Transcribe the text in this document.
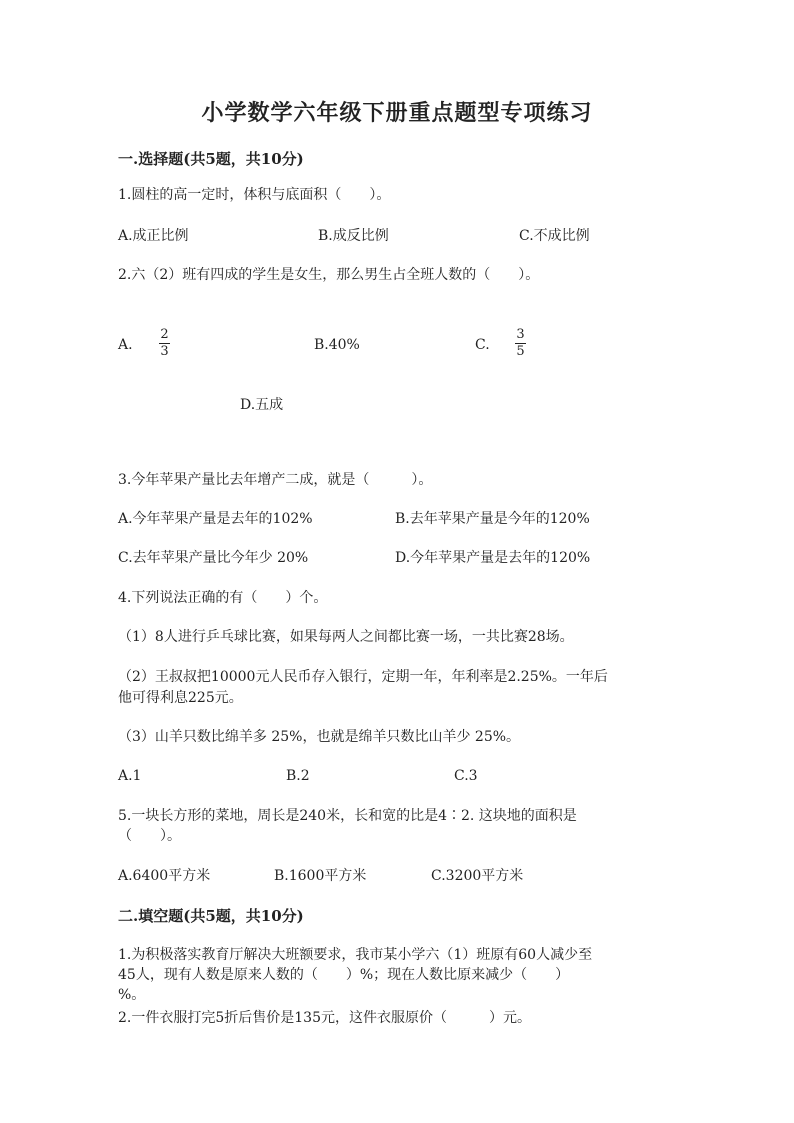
小学数学六年级下册重点题型专项练习
一.选择题(共5题，共10分)
1.圆柱的高一定时，体积与底面积（　　）。
A.成正比例	B.成反比例	C.不成比例
2.六（2）班有四成的学生是女生，那么男生占全班人数的（　　）。
A.
2
3	B.40%	C.
3
5
D.五成
3.今年苹果产量比去年增产二成，就是（　　　）。
A.今年苹果产量是去年的102%	B.去年苹果产量是今年的120%
C.去年苹果产量比今年少 20%	D.今年苹果产量是去年的120%
4.下列说法正确的有（　　）个。
（1）8人进行乒乓球比赛，如果每两人之间都比赛一场，一共比赛28场。
（2）王叔叔把10000元人民币存入银行，定期一年，年利率是2.25%。一年后
他可得利息225元。
（3）山羊只数比绵羊多 25%，也就是绵羊只数比山羊少 25%。
A.1	B.2	C.3
5.一块长方形的菜地，周长是240米，长和宽的比是4∶2. 这块地的面积是
（　　）。
A.6400平方米	B.1600平方米	C.3200平方米
二.填空题(共5题，共10分)
1.为积极落实教育厅解决大班额要求，我市某小学六（1）班原有60人减少至
45人，现有人数是原来人数的（　　）%；现在人数比原来减少（　　）
%。
2.一件衣服打完5折后售价是135元，这件衣服原价（　　　）元。
